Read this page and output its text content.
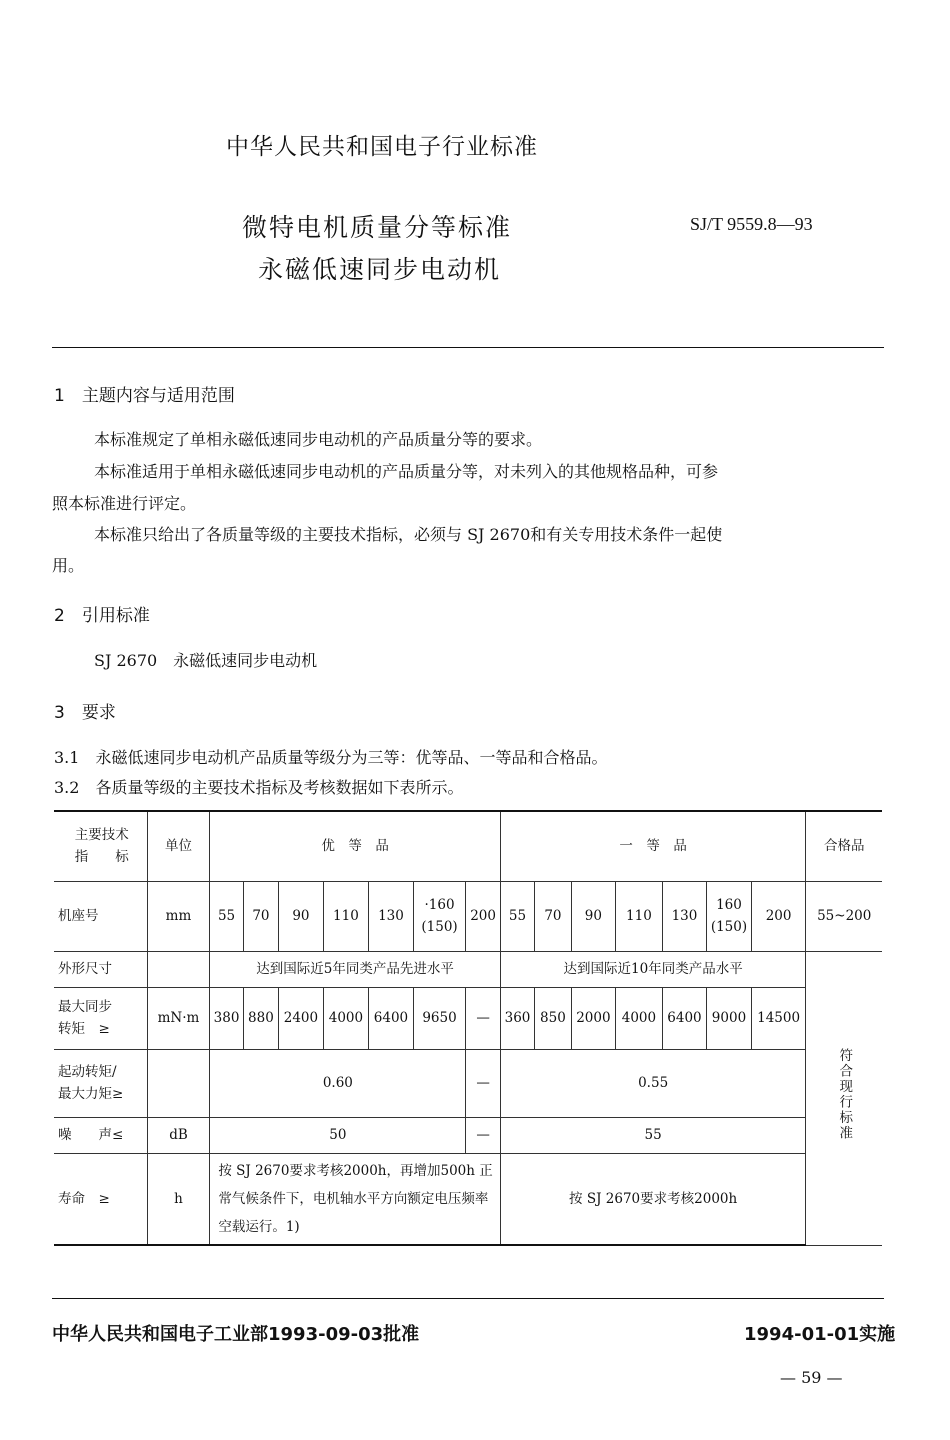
中华人民共和国电子行业标准
微特电机质量分等标准
永磁低速同步电动机
SJ/T 9559.8—93
1　主题内容与适用范围
本标准规定了单相永磁低速同步电动机的产品质量分等的要求。
本标准适用于单相永磁低速同步电动机的产品质量分等，对未列入的其他规格品种，可参
照本标准进行评定。
本标准只给出了各质量等级的主要技术指标，必须与 SJ 2670和有关专用技术条件一起使
用。
2　引用标准
SJ 2670　永磁低速同步电动机
3　要求
3.1　永磁低速同步电动机产品质量等级分为三等：优等品、一等品和合格品。
3.2　各质量等级的主要技术指标及考核数据如下表所示。
主要技术
指　　标	单位	优　等　品							一　等　品							合格品
机座号	mm	55	70	90	110	130	·160
(150)	200	55	70	90	110	130	160
(150)	200	55~200
外形尺寸		达到国际近5年同类产品先进水平							达到国际近10年同类产品水平							符合现行标准
最大同步
转矩　≥	mN·m	380	880	2400	4000	6400	9650	—	360	850	2000	4000	6400	9000	14500	
起动转矩/
最大力矩≥		0.60						—	0.55							
噪　　声≤	dB	50						—	55							
寿命　≥	h	按 SJ 2670要求考核2000h，再增加500h 正常气候条件下，电机轴水平方向额定电压频率空载运行。1)							按 SJ 2670要求考核2000h							
中华人民共和国电子工业部1993-09-03批准	1994-01-01实施
— 59 —
